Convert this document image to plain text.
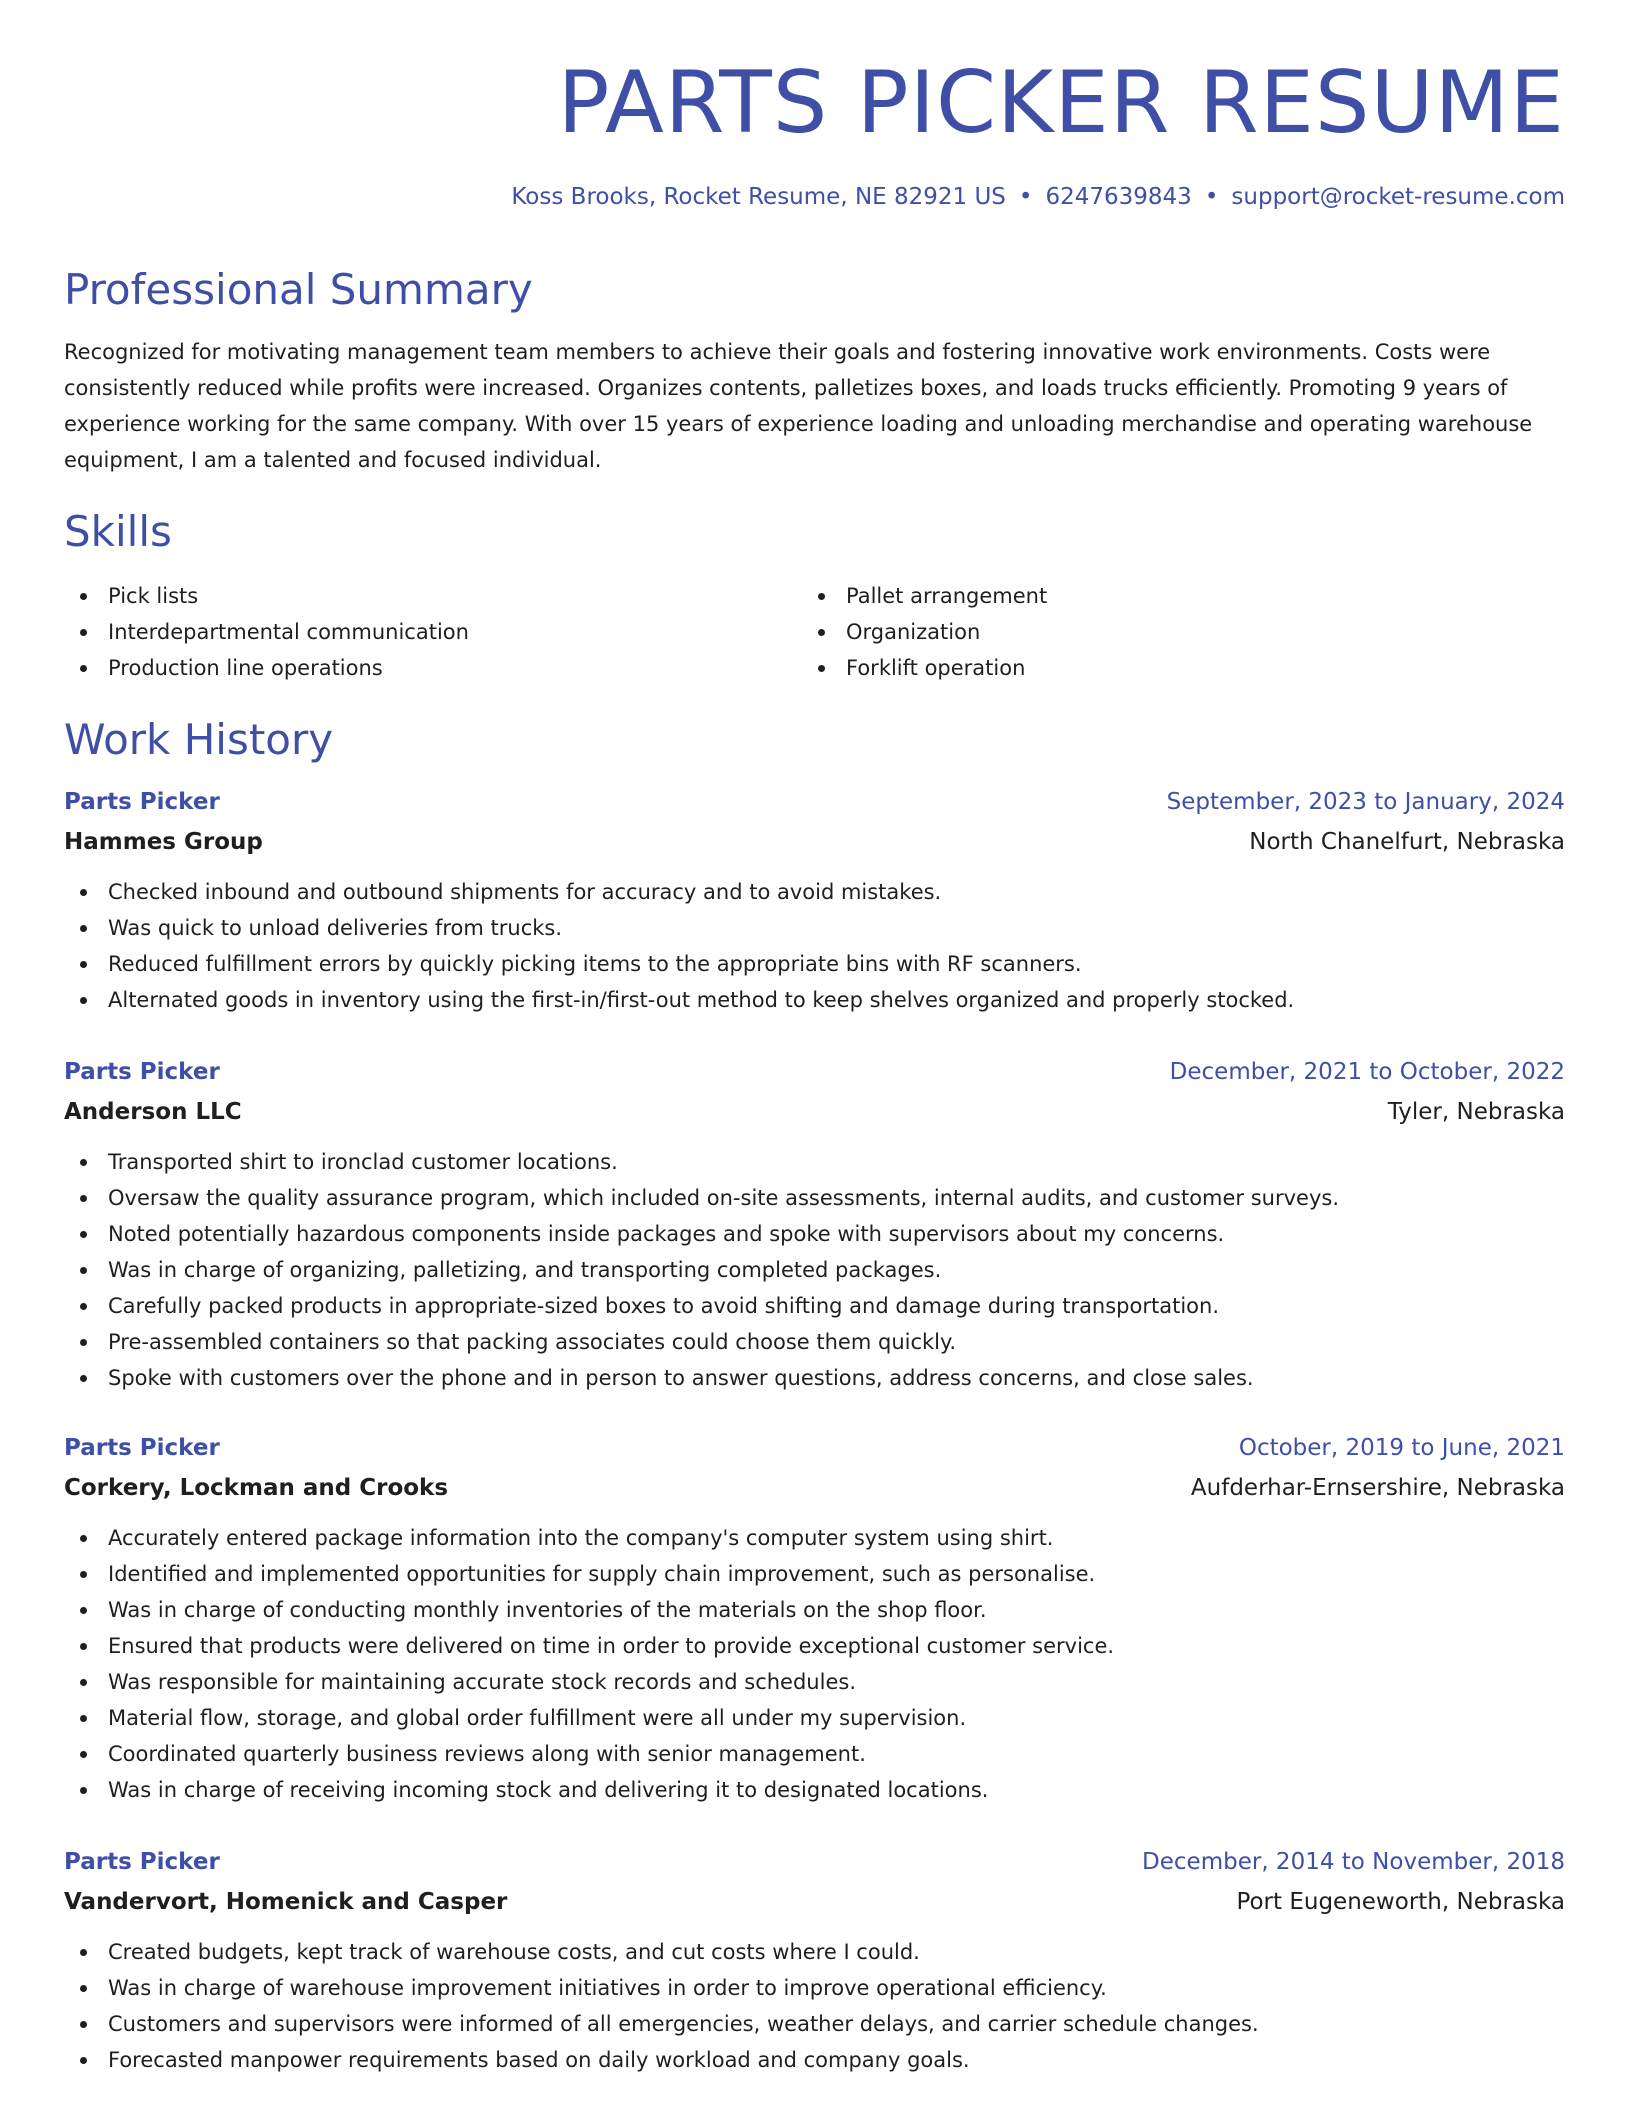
PARTS PICKER RESUME
Koss Brooks, Rocket Resume, NE 82921 US • 6247639843 • support@rocket-resume.com
Professional Summary

Recognized for motivating management team members to achieve their goals and fostering innovative work environments. Costs were consistently reduced while profits were increased. Organizes contents, palletizes boxes, and loads trucks efficiently. Promoting 9 years of experience working for the same company. With over 15 years of experience loading and unloading merchandise and operating warehouse equipment, I am a talented and focused individual.

Skills
Pick lists
Interdepartmental communication
Production line operations
Pallet arrangement
Organization
Forklift operation
Work History
Parts Picker	September, 2023 to January, 2024
Hammes Group	North Chanelfurt, Nebraska
Checked inbound and outbound shipments for accuracy and to avoid mistakes.
Was quick to unload deliveries from trucks.
Reduced fulfillment errors by quickly picking items to the appropriate bins with RF scanners.
Alternated goods in inventory using the first-in/first-out method to keep shelves organized and properly stocked.
Parts Picker	December, 2021 to October, 2022
Anderson LLC	Tyler, Nebraska
Transported shirt to ironclad customer locations.
Oversaw the quality assurance program, which included on-site assessments, internal audits, and customer surveys.
Noted potentially hazardous components inside packages and spoke with supervisors about my concerns.
Was in charge of organizing, palletizing, and transporting completed packages.
Carefully packed products in appropriate-sized boxes to avoid shifting and damage during transportation.
Pre-assembled containers so that packing associates could choose them quickly.
Spoke with customers over the phone and in person to answer questions, address concerns, and close sales.
Parts Picker	October, 2019 to June, 2021
Corkery, Lockman and Crooks	Aufderhar-Ernsershire, Nebraska
Accurately entered package information into the company's computer system using shirt.
Identified and implemented opportunities for supply chain improvement, such as personalise.
Was in charge of conducting monthly inventories of the materials on the shop floor.
Ensured that products were delivered on time in order to provide exceptional customer service.
Was responsible for maintaining accurate stock records and schedules.
Material flow, storage, and global order fulfillment were all under my supervision.
Coordinated quarterly business reviews along with senior management.
Was in charge of receiving incoming stock and delivering it to designated locations.
Parts Picker	December, 2014 to November, 2018
Vandervort, Homenick and Casper	Port Eugeneworth, Nebraska
Created budgets, kept track of warehouse costs, and cut costs where I could.
Was in charge of warehouse improvement initiatives in order to improve operational efficiency.
Customers and supervisors were informed of all emergencies, weather delays, and carrier schedule changes.
Forecasted manpower requirements based on daily workload and company goals.
